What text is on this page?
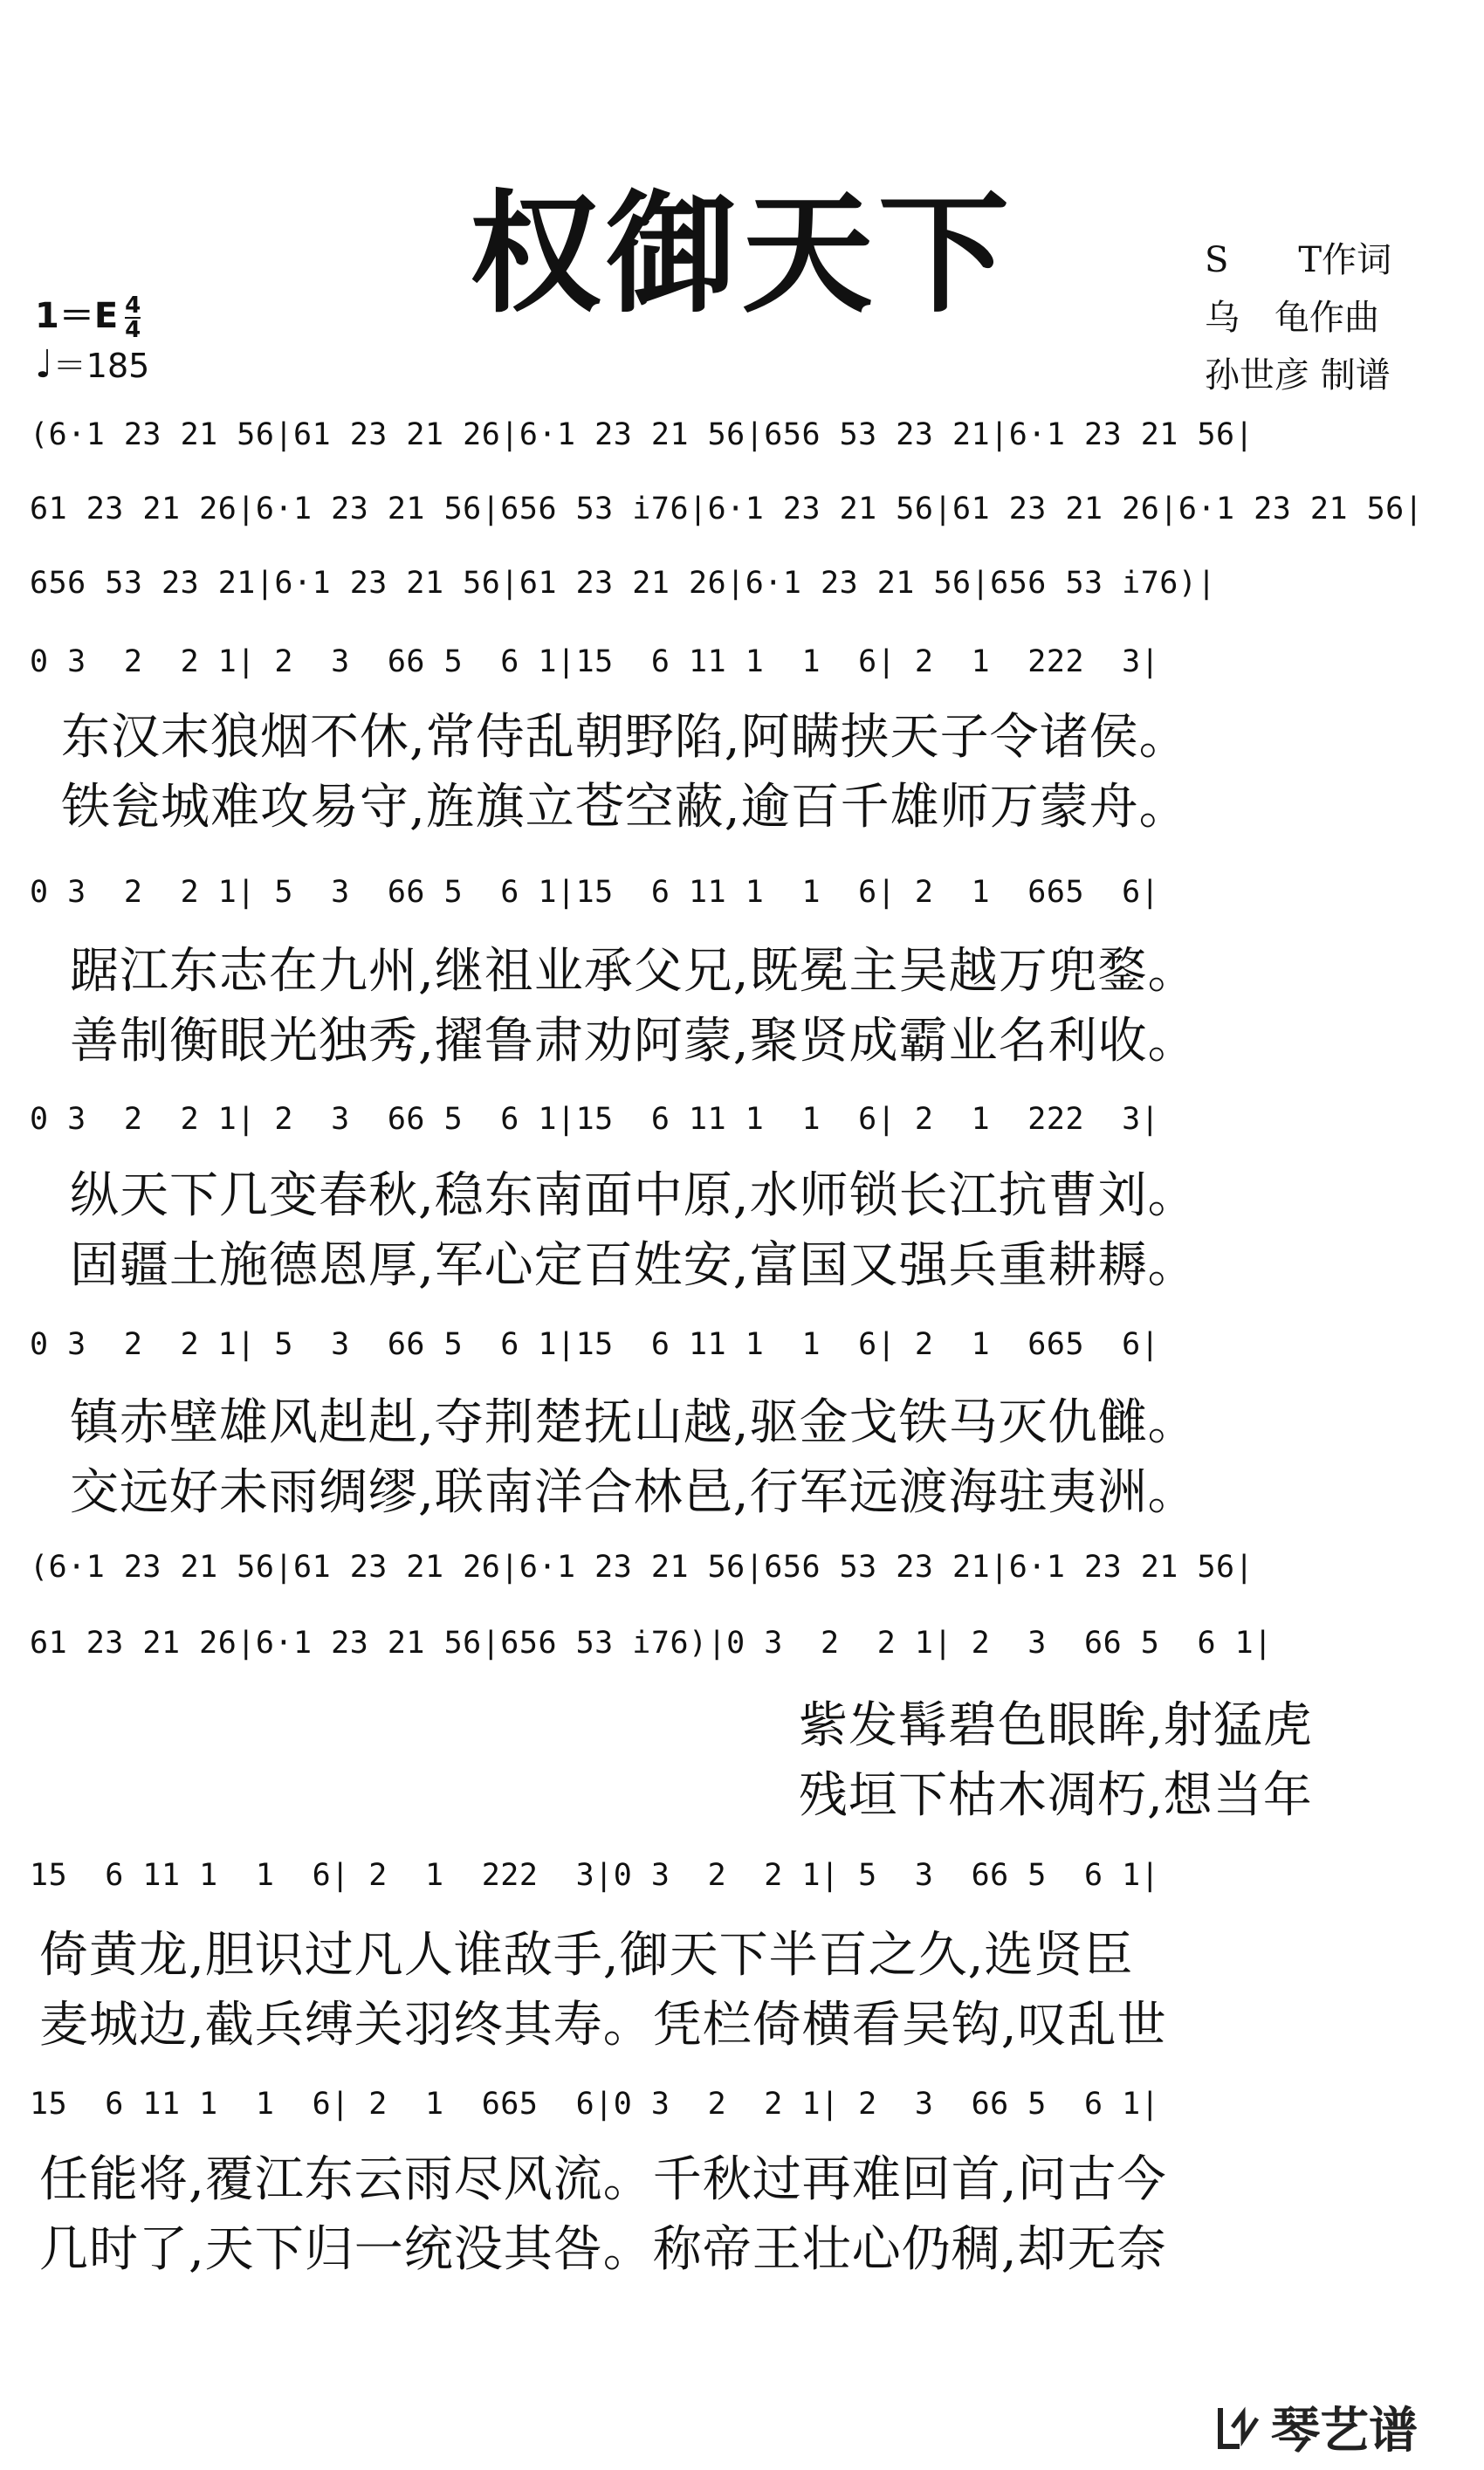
权御天下	S　　T作词
乌　龟作曲
孙世彦 制谱
$1=E \frac{4}{4}$
♩＝185
(6·1 23 21 56|61 23 21 26|6·1 23 21 56|656 53 23 21|6·1 23 21 56|
61 23 21 26|6·1 23 21 56|656 53 i76|6·1 23 21 56|61 23 21 26|6·1 23 21 56|
656 53 23 21|6·1 23 21 56|61 23 21 26|6·1 23 21 56|656 53 i76)|
0 3  2  2 1| 2  3  66 5  6 1|15  6 11 1  1  6| 2  1  222  3|
东汉末狼烟不休,常侍乱朝野陷,阿瞒挟天子令诸侯。
铁瓮城难攻易守,旌旗立苍空蔽,逾百千雄师万蒙舟。
0 3  2  2 1| 5  3  66 5  6 1|15  6 11 1  1  6| 2  1  665  6|
踞江东志在九州,继祖业承父兄,既冕主吴越万兜鍪。
善制衡眼光独秀,擢鲁肃劝阿蒙,聚贤成霸业名利收。
0 3  2  2 1| 2  3  66 5  6 1|15  6 11 1  1  6| 2  1  222  3|
纵天下几变春秋,稳东南面中原,水师锁长江抗曹刘。
固疆土施德恩厚,军心定百姓安,富国又强兵重耕耨。
0 3  2  2 1| 5  3  66 5  6 1|15  6 11 1  1  6| 2  1  665  6|
镇赤壁雄风赳赳,夺荆楚抚山越,驱金戈铁马灭仇雠。
交远好未雨绸缪,联南洋合林邑,行军远渡海驻夷洲。
(6·1 23 21 56|61 23 21 26|6·1 23 21 56|656 53 23 21|6·1 23 21 56|
61 23 21 26|6·1 23 21 56|656 53 i76)|0 3  2  2 1| 2  3  66 5  6 1|
紫发髯碧色眼眸,射猛虎
残垣下枯木凋朽,想当年
15  6 11 1  1  6| 2  1  222  3|0 3  2  2 1| 5  3  66 5  6 1|
倚黄龙,胆识过凡人谁敌手,御天下半百之久,选贤臣
麦城边,截兵缚关羽终其寿。凭栏倚横看吴钩,叹乱世
15  6 11 1  1  6| 2  1  665  6|0 3  2  2 1| 2  3  66 5  6 1|
任能将,覆江东云雨尽风流。千秋过再难回首,问古今
几时了,天下归一统没其咎。称帝王壮心仍稠,却无奈
琴艺谱
